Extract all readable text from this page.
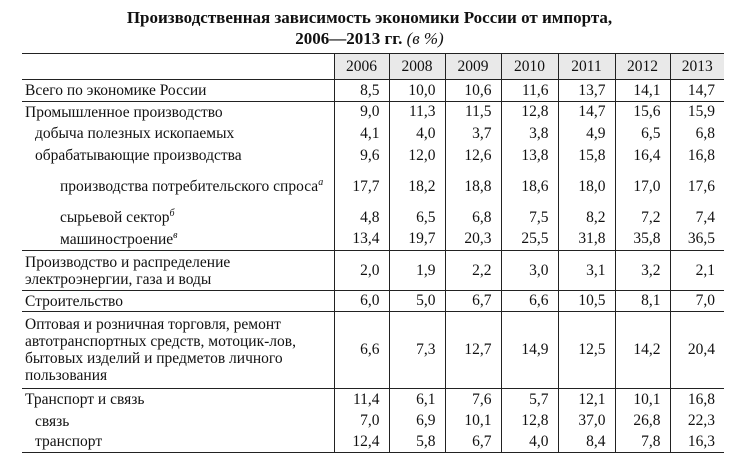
Производственная зависимость экономики России от импорта,
2006—2013 гг. (в %)
	2006	2008	2009	2010	2011	2012	2013
Всего по экономике России	8,5	10,0	10,6	11,6	13,7	14,1	14,7
Промышленное производство	9,0	11,3	11,5	12,8	14,7	15,6	15,9
добыча полезных ископаемых	4,1	4,0	3,7	3,8	4,9	6,5	6,8
обрабатывающие производства	9,6	12,0	12,6	13,8	15,8	16,4	16,8
производства потребительского спроса$^а$	17,7	18,2	18,8	18,6	18,0	17,0	17,6
сырьевой сектор$^б$	4,8	6,5	6,8	7,5	8,2	7,2	7,4
машиностроение$^в$	13,4	19,7	20,3	25,5	31,8	35,8	36,5
Производство и распределение электроэнергии, газа и воды	2,0	1,9	2,2	3,0	3,1	3,2	2,1
Строительство	6,0	5,0	6,7	6,6	10,5	8,1	7,0
Оптовая и розничная торговля, ремонт автотранспортных средств, мотоцик-лов, бытовых изделий и предметов личного пользования	6,6	7,3	12,7	14,9	12,5	14,2	20,4
Транспорт и связь	11,4	6,1	7,6	5,7	12,1	10,1	16,8
связь	7,0	6,9	10,1	12,8	37,0	26,8	22,3
транспорт	12,4	5,8	6,7	4,0	8,4	7,8	16,3
